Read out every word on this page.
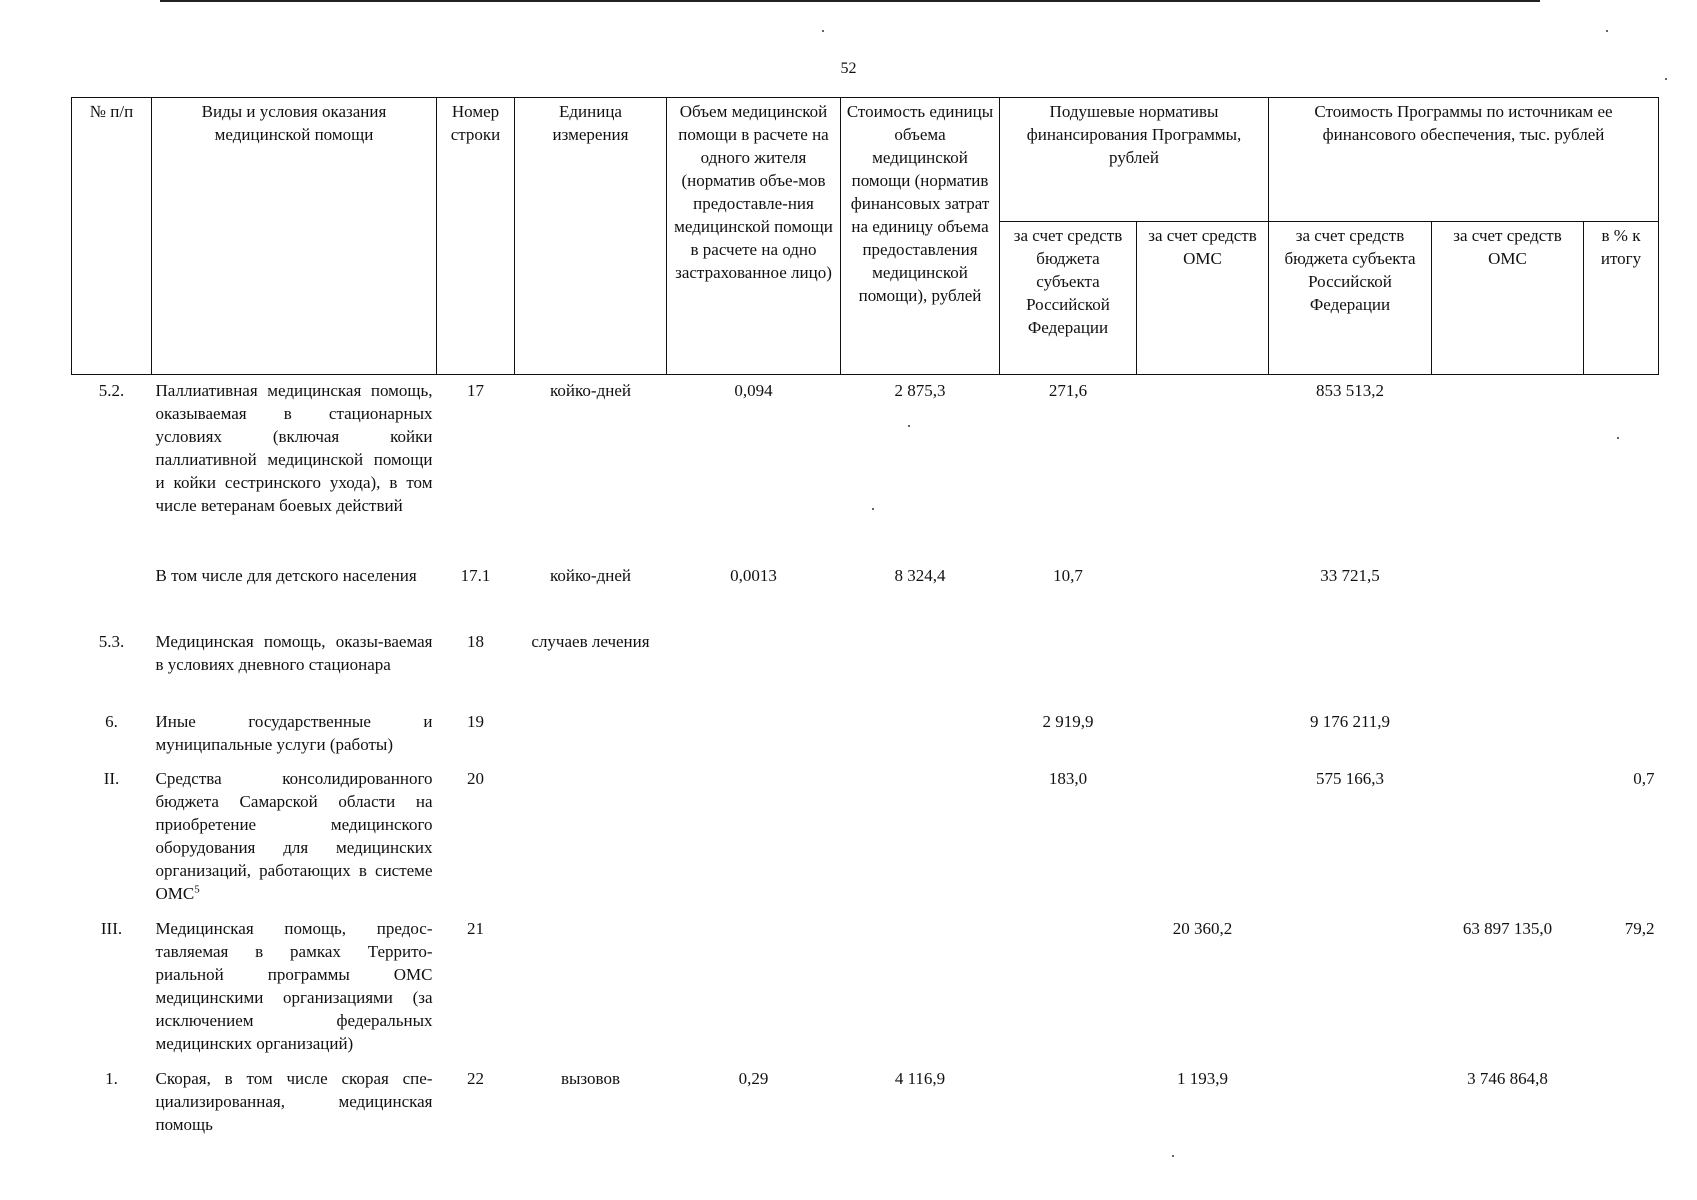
52
№ п/п	Виды и условия оказания медицинской помощи	Номер строки	Единица измерения	Объем медицинской помощи в расчете на одного жителя (норматив объе-мов предоставле-ния медицинской помощи в расчете на одно застрахованное лицо)	Стоимость единицы объема медицинской помощи (норматив финансовых затрат на единицу объема предоставления медицинской помощи), рублей	Подушевые нормативы финансирования Программы, рублей		Стоимость Программы по источникам ее финансового обеспечения, тыс. рублей		
						за счет средств бюджета субъекта Российской Федерации	за счет средств ОМС	за счет средств бюджета субъекта Российской Федерации	за счет средств ОМС	в % к итогу
5.2.	Паллиативная медицинская помощь, оказываемая в стационарных условиях (включая койки паллиативной медицинской помощи и койки сестринского ухода), в том числе ветеранам боевых действий	17	койко-дней	0,094	2 875,3	271,6		853 513,2		
	В том числе для детского населения	17.1	койко-дней	0,0013	8 324,4	10,7		33 721,5		
5.3.	Медицинская помощь, оказы-ваемая в условиях дневного стационара	18	случаев лечения							
6.	Иные государственные и муниципальные услуги (работы)	19				2 919,9		9 176 211,9		
II.	Средства консолидированного бюджета Самарской области на приобретение медицинского оборудования для медицинских организаций, работающих в системе ОМС$^5$	20				183,0		575 166,3		0,7
III.	Медицинская помощь, предос-тавляемая в рамках Террито-риальной программы ОМС медицинскими организациями (за исключением федеральных медицинских организаций)	21					20 360,2		63 897 135,0	79,2
1.	Скорая, в том числе скорая спе-циализированная, медицинская помощь	22	вызовов	0,29	4 116,9		1 193,9		3 746 864,8	
